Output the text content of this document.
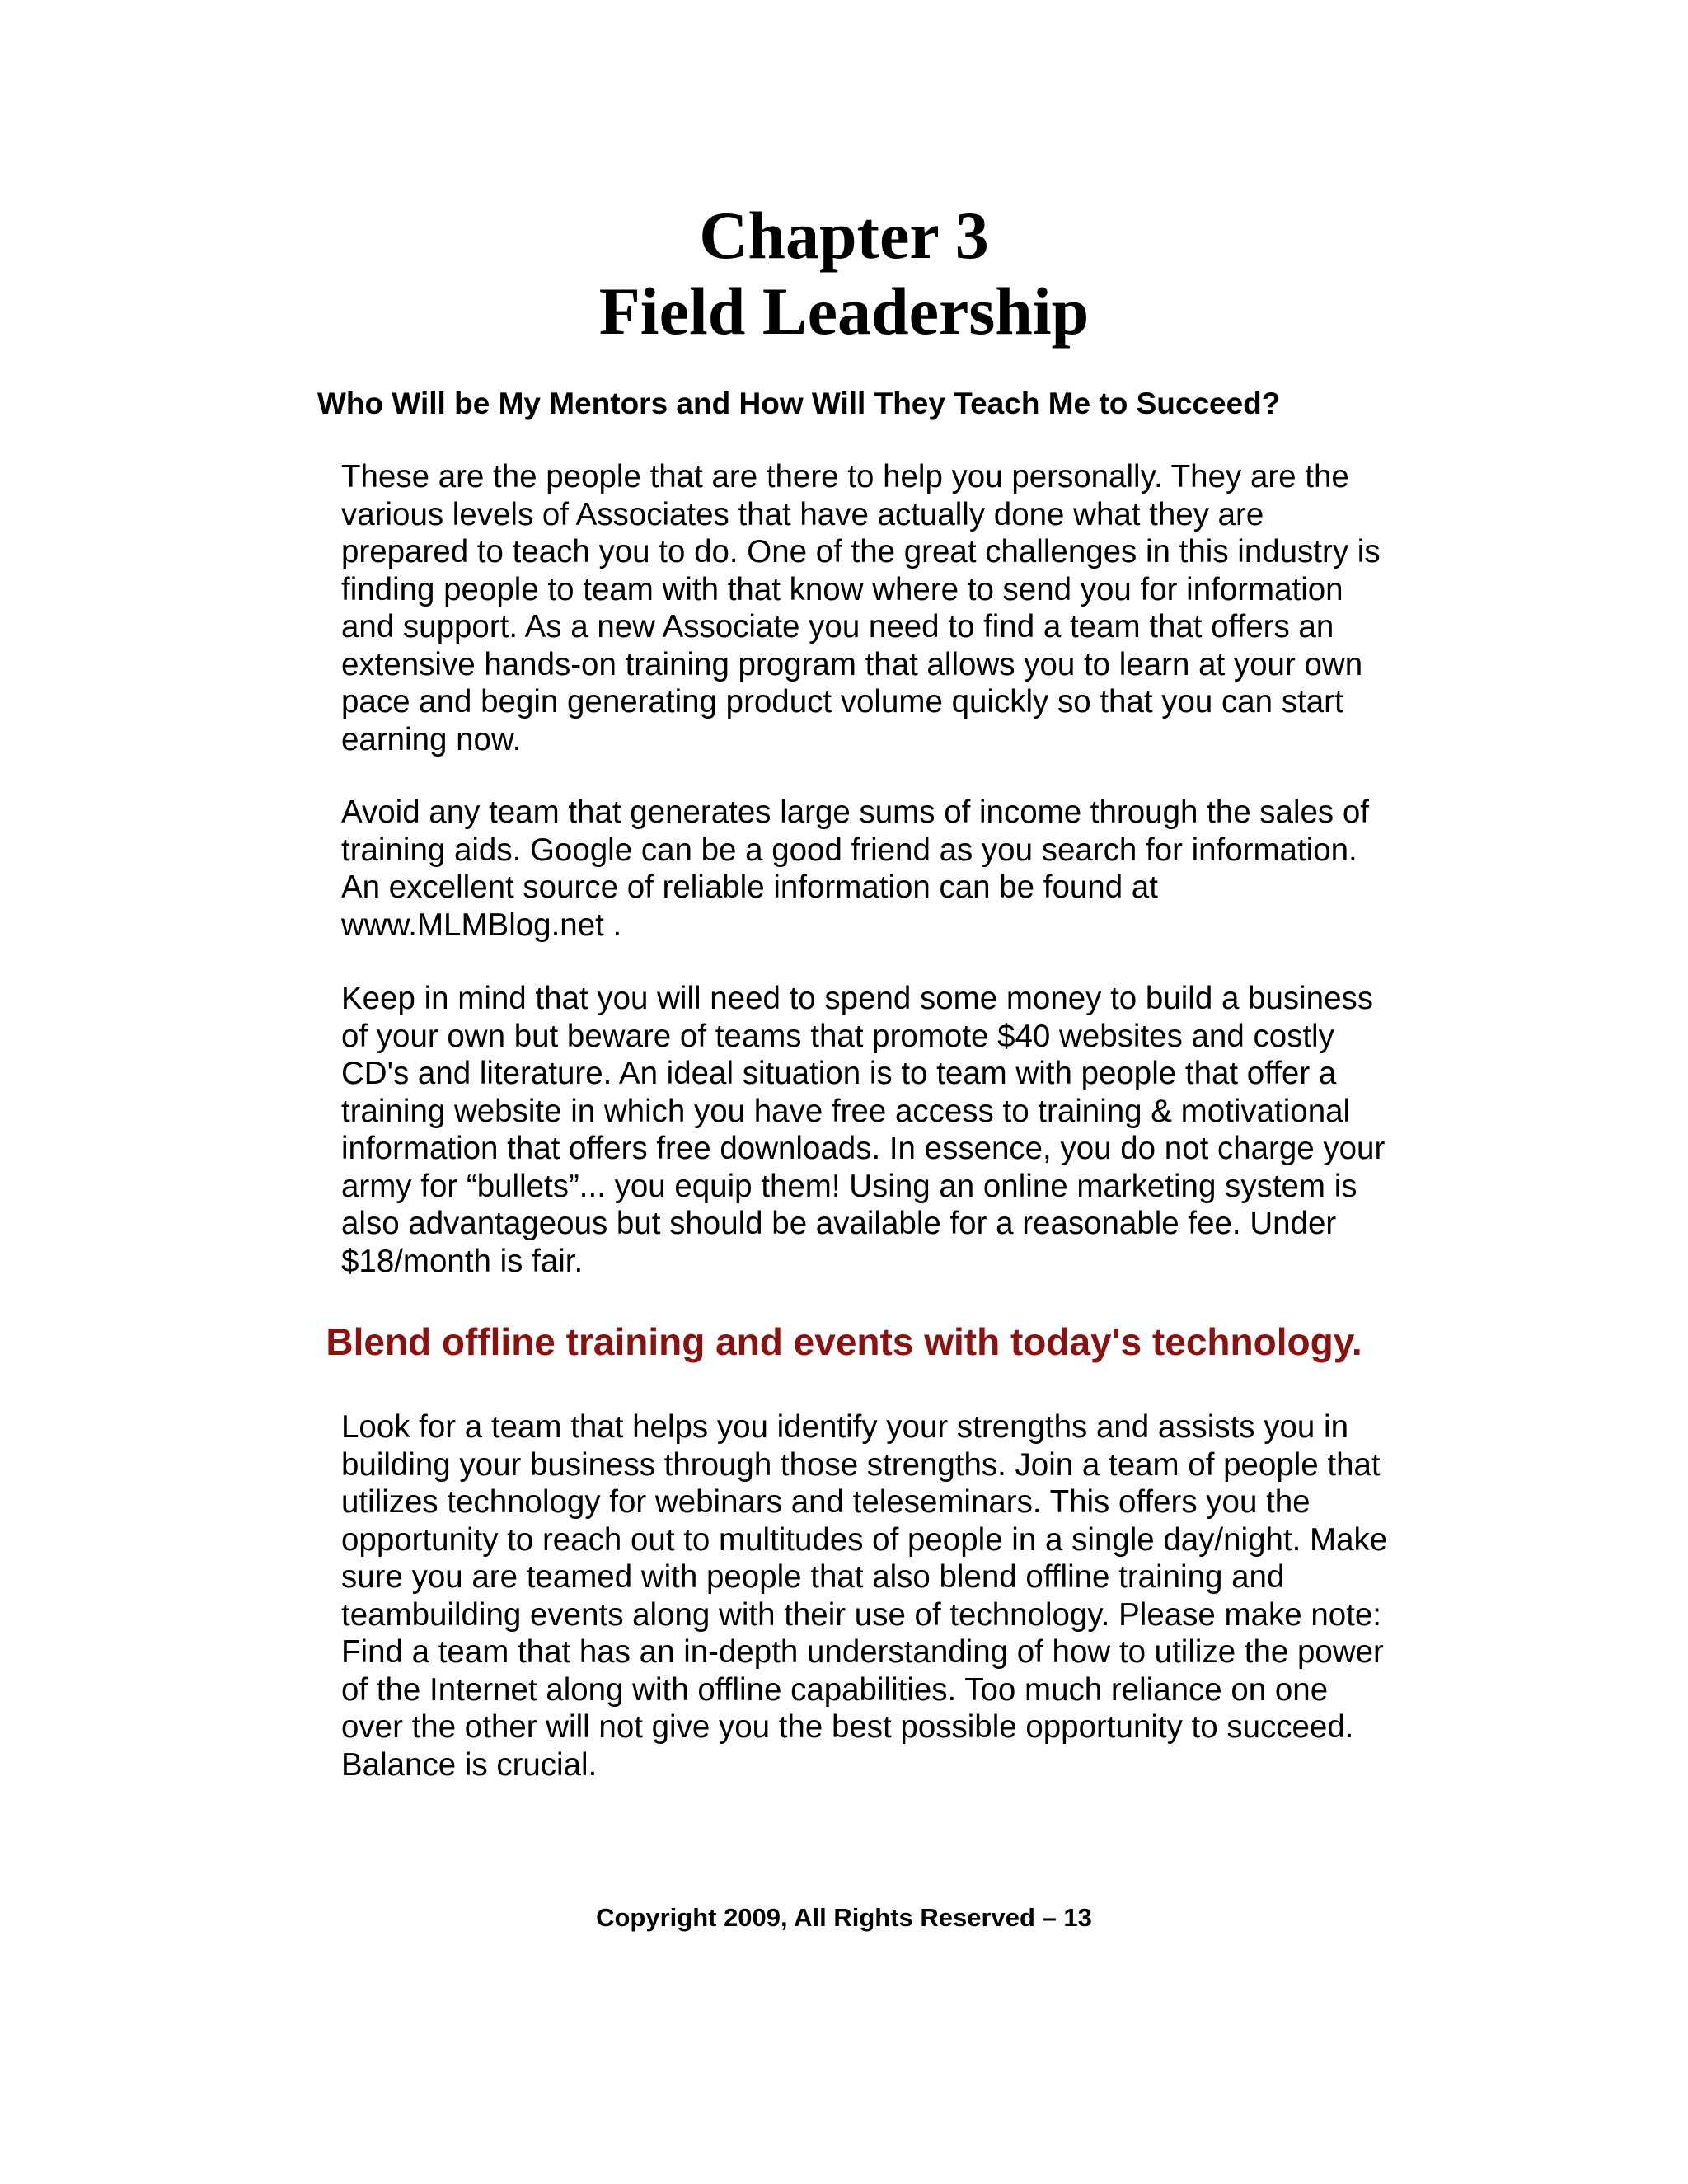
Chapter 3
Field Leadership
Who Will be My Mentors and How Will They Teach Me to Succeed?

These are the people that are there to help you personally. They are the
various levels of Associates that have actually done what they are
prepared to teach you to do. One of the great challenges in this industry is
finding people to team with that know where to send you for information
and support. As a new Associate you need to find a team that offers an
extensive hands-on training program that allows you to learn at your own
pace and begin generating product volume quickly so that you can start
earning now.

Avoid any team that generates large sums of income through the sales of
training aids. Google can be a good friend as you search for information.
An excellent source of reliable information can be found at
www.MLMBlog.net .

Keep in mind that you will need to spend some money to build a business
of your own but beware of teams that promote $40 websites and costly
CD's and literature. An ideal situation is to team with people that offer a
training website in which you have free access to training & motivational
information that offers free downloads. In essence, you do not charge your
army for “bullets”... you equip them! Using an online marketing system is
also advantageous but should be available for a reasonable fee. Under
$18/month is fair.

Blend offline training and events with today's technology.

Look for a team that helps you identify your strengths and assists you in
building your business through those strengths. Join a team of people that
utilizes technology for webinars and teleseminars. This offers you the
opportunity to reach out to multitudes of people in a single day/night. Make
sure you are teamed with people that also blend offline training and
teambuilding events along with their use of technology. Please make note:
Find a team that has an in-depth understanding of how to utilize the power
of the Internet along with offline capabilities. Too much reliance on one
over the other will not give you the best possible opportunity to succeed.
Balance is crucial.

Copyright 2009, All Rights Reserved – 13
